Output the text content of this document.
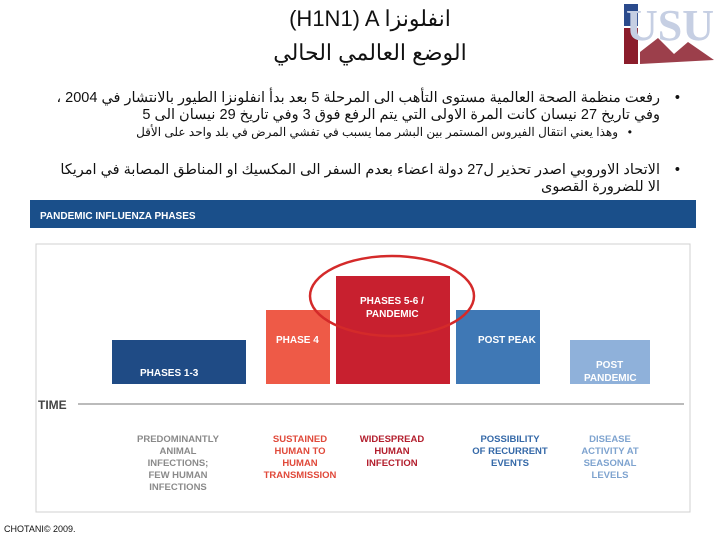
USU
(H1N1) A انفلونزا
الوضع العالمي الحالي
• رفعت منظمة الصحة العالمية مستوى التأهب الى المرحلة 5 بعد بدأ انفلونزا الطيور بالانتشار في 2004 ،
وفي تاريخ 27 نيسان كانت المرة الاولى التي يتم الرفع فوق 3 وفي تاريخ 29 نيسان الى 5
• وهذا يعني انتقال الفيروس المستمر بين البشر مما يسبب في تفشي المرض في بلد واحد على الأقل
• الاتحاد الاوروبي اصدر تحذير ل27 دولة اعضاء بعدم السفر الى المكسيك او المناطق المصابة في امريكا
الا للضرورة القصوى
PANDEMIC INFLUENZA PHASES
PHASES 1-3
PHASE 4
PHASES 5-6 /
PANDEMIC
POST PEAK
POST
PANDEMIC
TIME
PREDOMINANTLY
ANIMAL
INFECTIONS;
FEW HUMAN
INFECTIONS
SUSTAINED
HUMAN TO
HUMAN
TRANSMISSION
WIDESPREAD
HUMAN
INFECTION
POSSIBILITY
OF RECURRENT
EVENTS
DISEASE
ACTIVITY AT
SEASONAL
LEVELS
CHOTANI© 2009.
